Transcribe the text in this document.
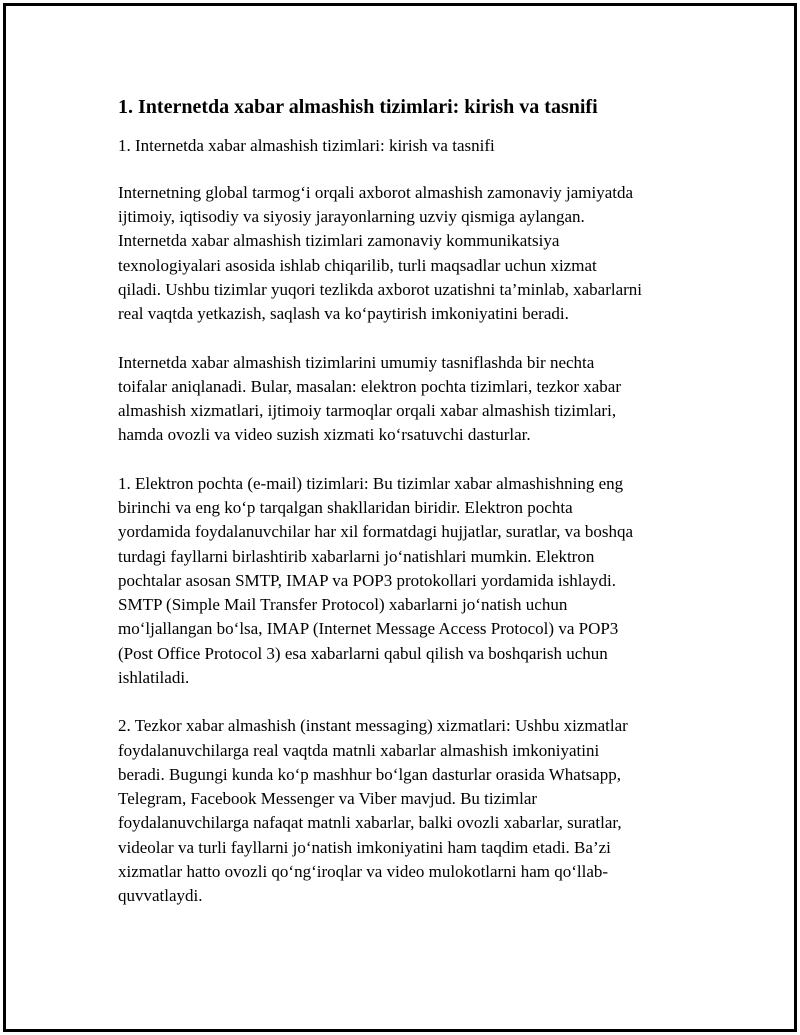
1. Internetda xabar almashish tizimlari: kirish va tasnifi
1. Internetda xabar almashish tizimlari: kirish va tasnifi
Internetning global tarmog‘i orqali axborot almashish zamonaviy jamiyatda
ijtimoiy, iqtisodiy va siyosiy jarayonlarning uzviy qismiga aylangan.
Internetda xabar almashish tizimlari zamonaviy kommunikatsiya
texnologiyalari asosida ishlab chiqarilib, turli maqsadlar uchun xizmat
qiladi. Ushbu tizimlar yuqori tezlikda axborot uzatishni ta’minlab, xabarlarni
real vaqtda yetkazish, saqlash va ko‘paytirish imkoniyatini beradi.
Internetda xabar almashish tizimlarini umumiy tasniflashda bir nechta
toifalar aniqlanadi. Bular, masalan: elektron pochta tizimlari, tezkor xabar
almashish xizmatlari, ijtimoiy tarmoqlar orqali xabar almashish tizimlari,
hamda ovozli va video suzish xizmati ko‘rsatuvchi dasturlar.
1. Elektron pochta (e-mail) tizimlari: Bu tizimlar xabar almashishning eng
birinchi va eng ko‘p tarqalgan shakllaridan biridir. Elektron pochta
yordamida foydalanuvchilar har xil formatdagi hujjatlar, suratlar, va boshqa
turdagi fayllarni birlashtirib xabarlarni jo‘natishlari mumkin. Elektron
pochtalar asosan SMTP, IMAP va POP3 protokollari yordamida ishlaydi.
SMTP (Simple Mail Transfer Protocol) xabarlarni jo‘natish uchun
mo‘ljallangan bo‘lsa, IMAP (Internet Message Access Protocol) va POP3
(Post Office Protocol 3) esa xabarlarni qabul qilish va boshqarish uchun
ishlatiladi.
2. Tezkor xabar almashish (instant messaging) xizmatlari: Ushbu xizmatlar
foydalanuvchilarga real vaqtda matnli xabarlar almashish imkoniyatini
beradi. Bugungi kunda ko‘p mashhur bo‘lgan dasturlar orasida Whatsapp,
Telegram, Facebook Messenger va Viber mavjud. Bu tizimlar
foydalanuvchilarga nafaqat matnli xabarlar, balki ovozli xabarlar, suratlar,
videolar va turli fayllarni jo‘natish imkoniyatini ham taqdim etadi. Ba’zi
xizmatlar hatto ovozli qo‘ng‘iroqlar va video mulokotlarni ham qo‘llab-
quvvatlaydi.
